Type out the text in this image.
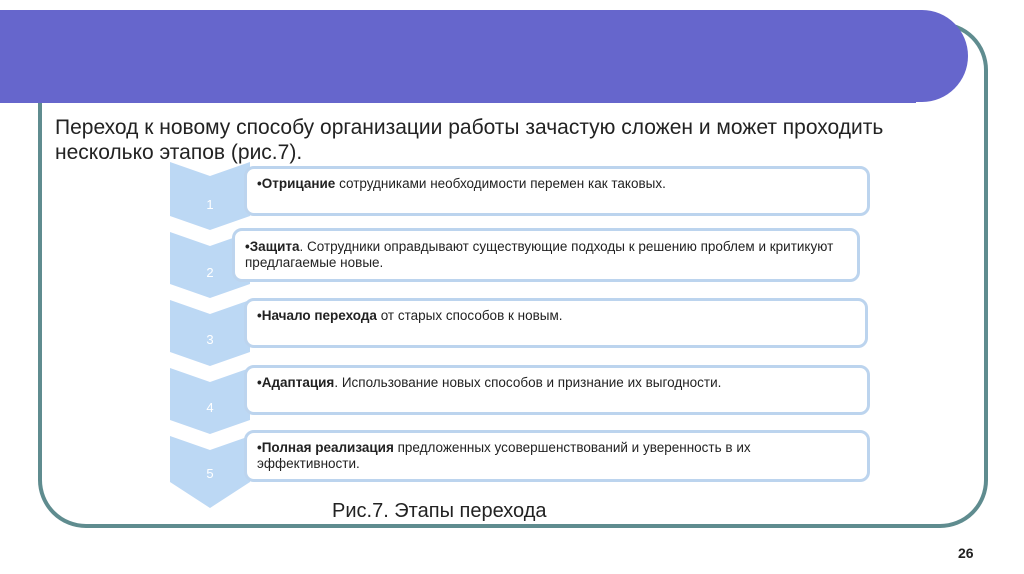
Переход к новому способу организации работы зачастую сложен и может проходить несколько этапов (рис.7).

1
2
3
4
5
•Отрицание сотрудниками необходимости перемен как таковых.
•Защита. Сотрудники оправдывают существующие подходы к решению проблем и критикуют предлагаемые новые.
•Начало перехода от старых способов к новым.
•Адаптация. Использование новых способов и признание их выгодности.
•Полная реализация предложенных усовершенствований и уверенность в их эффективности.
Рис.7. Этапы перехода
26
